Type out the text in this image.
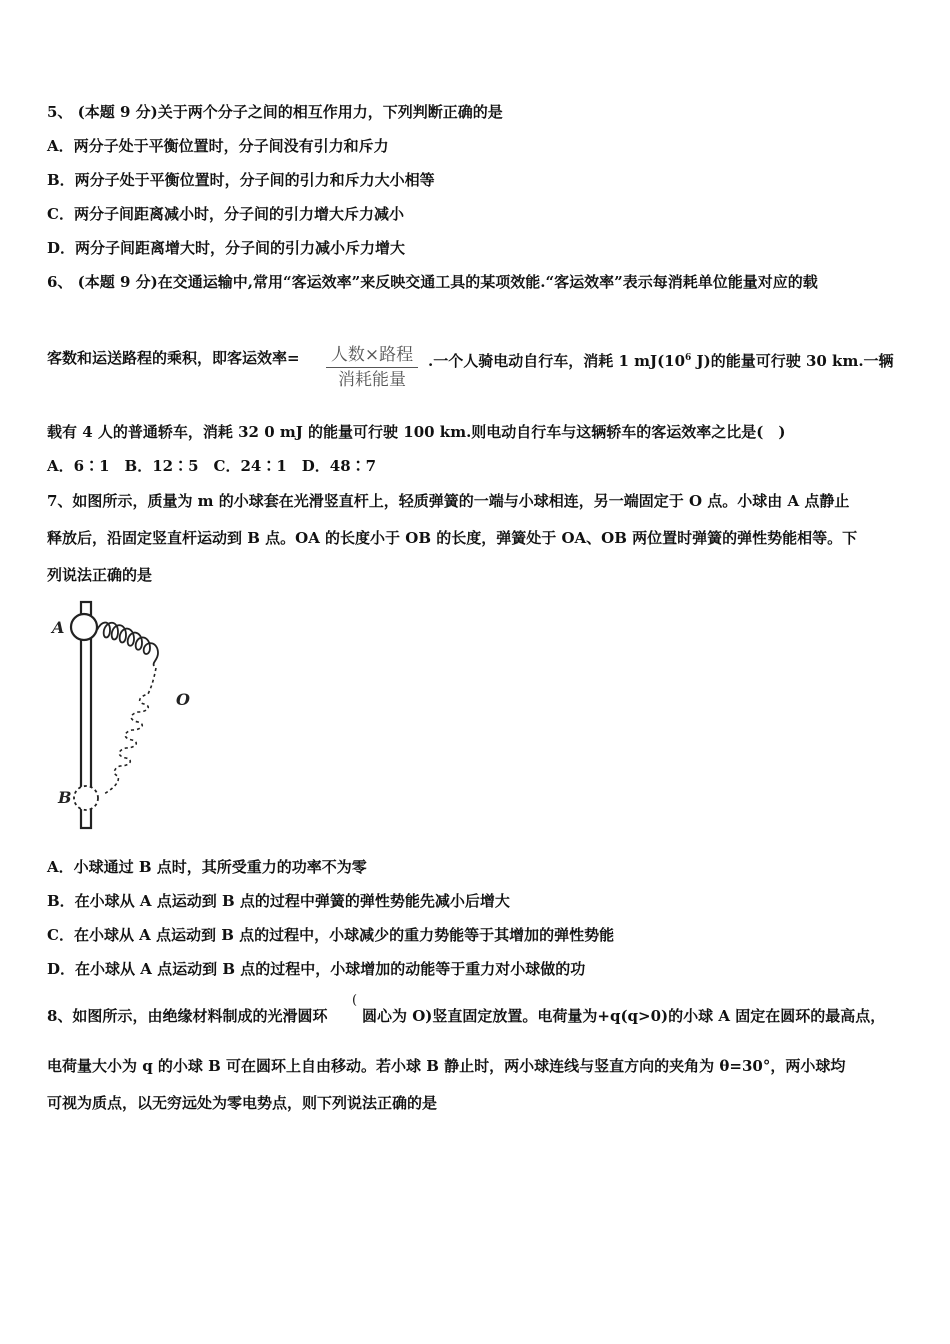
5、 (本题 9 分)关于两个分子之间的相互作用力，下列判断正确的是
A．两分子处于平衡位置时，分子间没有引力和斥力
B．两分子处于平衡位置时，分子间的引力和斥力大小相等
C．两分子间距离减小时，分子间的引力增大斥力减小
D．两分子间距离增大时，分子间的引力减小斥力增大
6、 (本题 9 分)在交通运输中,常用“客运效率”来反映交通工具的某项效能.“客运效率”表示每消耗单位能量对应的载
客数和运送路程的乘积，即客运效率=	人数×路程
消耗能量
.一个人骑电动自行车，消耗 1 $mJ(10^6$ J)的能量可行驶 30 km.一辆
载有 4 人的普通轿车，消耗 32 0 mJ 的能量可行驶 100 km.则电动自行车与这辆轿车的客运效率之比是(　)
A．6∶1　B．12∶5　C．24∶1　D．48∶7
7、如图所示，质量为 m 的小球套在光滑竖直杆上，轻质弹簧的一端与小球相连，另一端固定于 O 点。小球由 A 点静止
释放后，沿固定竖直杆运动到 B 点。OA 的长度小于 OB 的长度，弹簧处于 OA、OB 两位置时弹簧的弹性势能相等。下
列说法正确的是
A
B
O
A．小球通过 B 点时，其所受重力的功率不为零
B．在小球从 A 点运动到 B 点的过程中弹簧的弹性势能先减小后增大
C．在小球从 A 点运动到 B 点的过程中，小球减少的重力势能等于其增加的弹性势能
D．在小球从 A 点运动到 B 点的过程中，小球增加的动能等于重力对小球做的功
8、如图所示，由绝缘材料制成的光滑圆环
(
圆心为 O)竖直固定放置。电荷量为+q(q>0)的小球 A 固定在圆环的最高点，
电荷量大小为 q 的小球 B 可在圆环上自由移动。若小球 B 静止时，两小球连线与竖直方向的夹角为 θ=30°，两小球均
可视为质点，以无穷远处为零电势点，则下列说法正确的是
